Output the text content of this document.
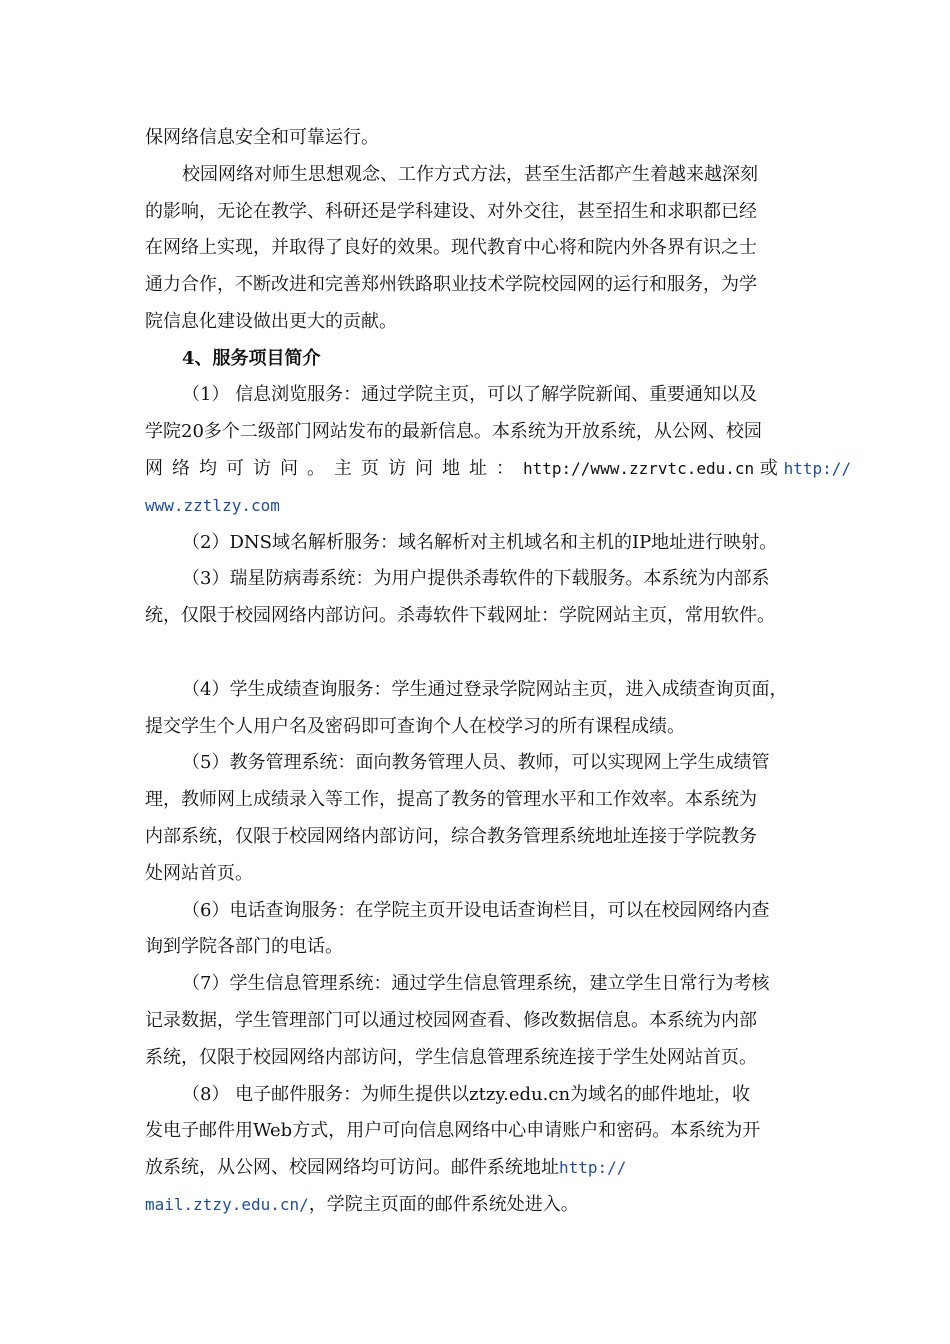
保网络信息安全和可靠运行。
校园网络对师生思想观念、工作方式方法，甚至生活都产生着越来越深刻
的影响，无论在教学、科研还是学科建设、对外交往，甚至招生和求职都已经
在网络上实现，并取得了良好的效果。现代教育中心将和院内外各界有识之士
通力合作，不断改进和完善郑州铁路职业技术学院校园网的运行和服务，为学
院信息化建设做出更大的贡献。
4、服务项目简介
（1） 信息浏览服务：通过学院主页，可以了解学院新闻、重要通知以及
学院20多个二级部门网站发布的最新信息。本系统为开放系统，从公网、校园
网络均可访问。主页访问地址：http://www.zzrvtc.edu.cn 或 http://
www.zztlzy.com
（2）DNS域名解析服务：域名解析对主机域名和主机的IP地址进行映射。
（3）瑞星防病毒系统：为用户提供杀毒软件的下载服务。本系统为内部系
统，仅限于校园网络内部访问。杀毒软件下载网址：学院网站主页，常用软件。
（4）学生成绩查询服务：学生通过登录学院网站主页，进入成绩查询页面，
提交学生个人用户名及密码即可查询个人在校学习的所有课程成绩。
（5）教务管理系统：面向教务管理人员、教师，可以实现网上学生成绩管
理，教师网上成绩录入等工作，提高了教务的管理水平和工作效率。本系统为
内部系统，仅限于校园网络内部访问，综合教务管理系统地址连接于学院教务
处网站首页。
（6）电话查询服务：在学院主页开设电话查询栏目，可以在校园网络内查
询到学院各部门的电话。
（7）学生信息管理系统：通过学生信息管理系统，建立学生日常行为考核
记录数据，学生管理部门可以通过校园网查看、修改数据信息。本系统为内部
系统，仅限于校园网络内部访问，学生信息管理系统连接于学生处网站首页。
（8） 电子邮件服务：为师生提供以ztzy.edu.cn为域名的邮件地址，收
发电子邮件用Web方式，用户可向信息网络中心申请账户和密码。本系统为开
放系统，从公网、校园网络均可访问。邮件系统地址http://
mail.ztzy.edu.cn/，学院主页面的邮件系统处进入。
